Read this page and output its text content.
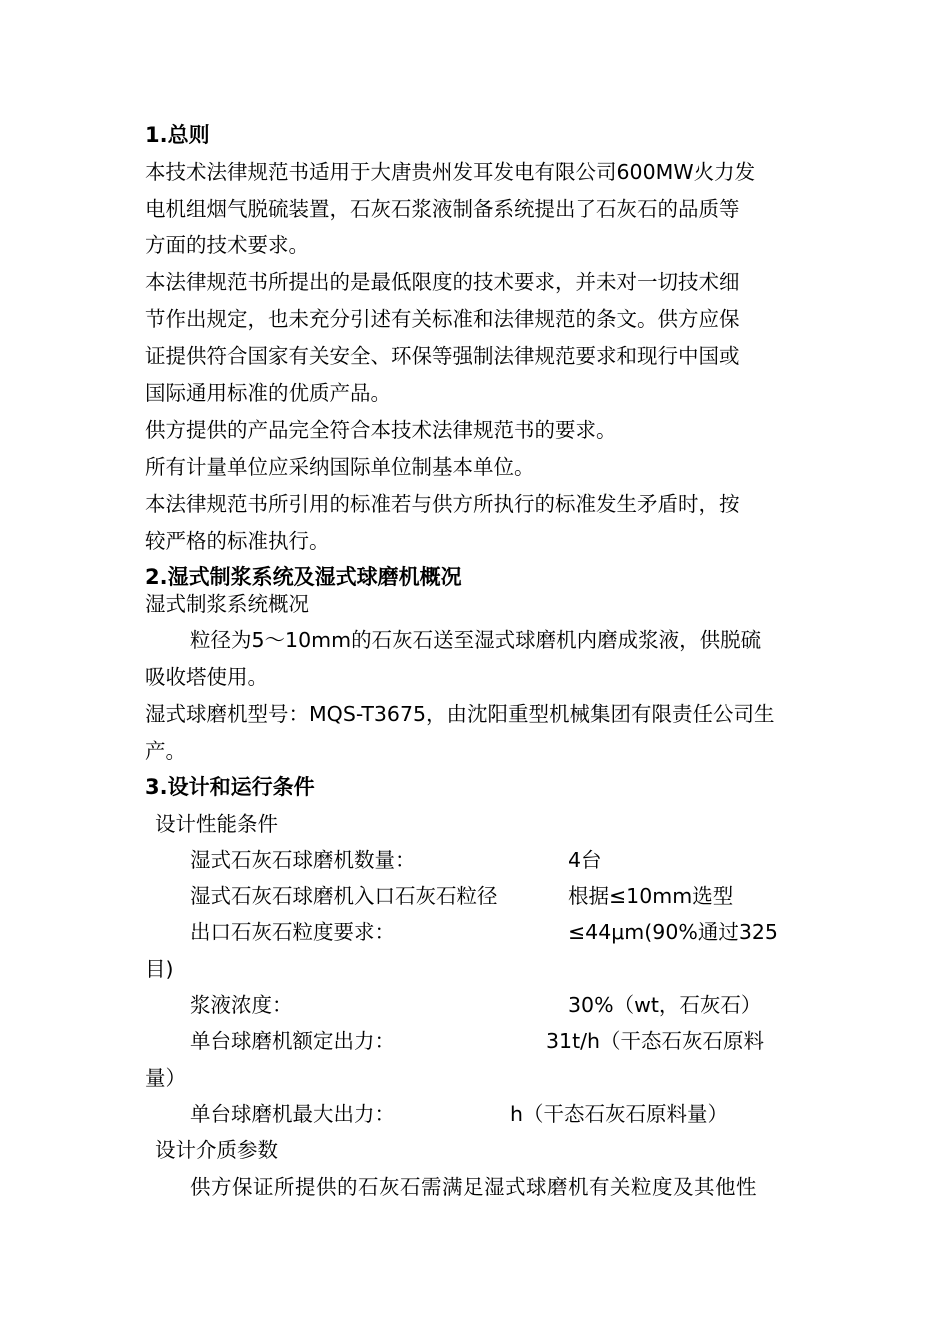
1.总则
本技术法律规范书适用于大唐贵州发耳发电有限公司600MW火力发
电机组烟气脱硫装置，石灰石浆液制备系统提出了石灰石的品质等
方面的技术要求。
本法律规范书所提出的是最低限度的技术要求，并未对一切技术细
节作出规定，也未充分引述有关标准和法律规范的条文。供方应保
证提供符合国家有关安全、环保等强制法律规范要求和现行中国或
国际通用标准的优质产品。
供方提供的产品完全符合本技术法律规范书的要求。
所有计量单位应采纳国际单位制基本单位。
本法律规范书所引用的标准若与供方所执行的标准发生矛盾时，按
较严格的标准执行。
2.湿式制浆系统及湿式球磨机概况
湿式制浆系统概况
粒径为5～10mm的石灰石送至湿式球磨机内磨成浆液，供脱硫
吸收塔使用。
湿式球磨机型号：MQS-T3675，由沈阳重型机械集团有限责任公司生
产。
3.设计和运行条件
设计性能条件
湿式石灰石球磨机数量：	4台
湿式石灰石球磨机入口石灰石粒径	根据≤10mm选型
出口石灰石粒度要求：	≤44μm(90%通过325
目)
浆液浓度：	30%（wt，石灰石）
单台球磨机额定出力：	31t/h（干态石灰石原料
量）
单台球磨机最大出力：	h（干态石灰石原料量）
设计介质参数
供方保证所提供的石灰石需满足湿式球磨机有关粒度及其他性
